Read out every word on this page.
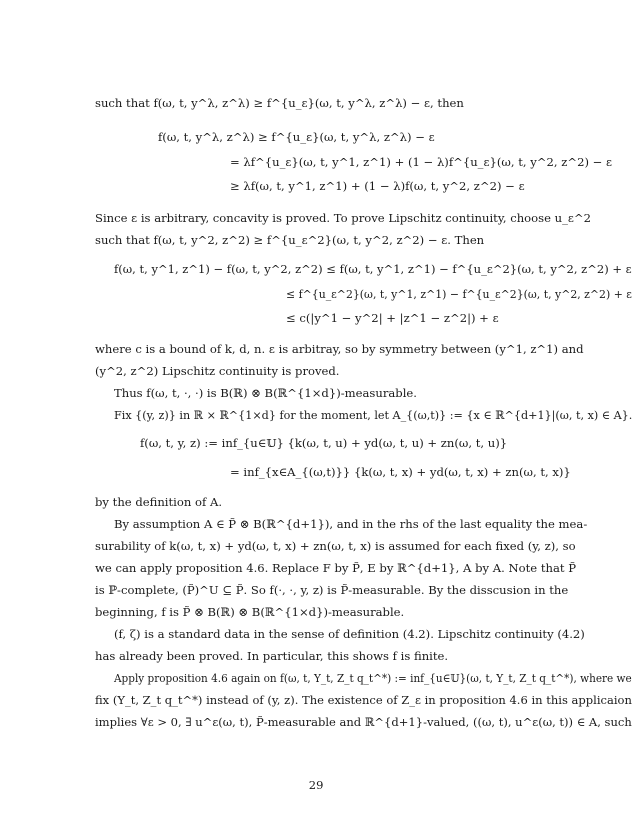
such that f(ω, t, y^λ, z^λ) ≥ f^{u_ε}(ω, t, y^λ, z^λ) − ε, then
f(ω, t, y^λ, z^λ) ≥ f^{u_ε}(ω, t, y^λ, z^λ) − ε
= λf^{u_ε}(ω, t, y^1, z^1) + (1 − λ)f^{u_ε}(ω, t, y^2, z^2) − ε
≥ λf(ω, t, y^1, z^1) + (1 − λ)f(ω, t, y^2, z^2) − ε
Since ε is arbitrary, concavity is proved. To prove Lipschitz continuity, choose u_ε^2
such that f(ω, t, y^2, z^2) ≥ f^{u_ε^2}(ω, t, y^2, z^2) − ε. Then
f(ω, t, y^1, z^1) − f(ω, t, y^2, z^2) ≤ f(ω, t, y^1, z^1) − f^{u_ε^2}(ω, t, y^2, z^2) + ε
≤ f^{u_ε^2}(ω, t, y^1, z^1) − f^{u_ε^2}(ω, t, y^2, z^2) + ε
≤ c(|y^1 − y^2| + |z^1 − z^2|) + ε
where c is a bound of k, d, n. ε is arbitray, so by symmetry between (y^1, z^1) and
(y^2, z^2) Lipschitz continuity is proved.
Thus f(ω, t, ·, ·) is B(ℝ) ⊗ B(ℝ^{1×d})-measurable.
Fix {(y, z)} in ℝ × ℝ^{1×d} for the moment, let A_{(ω,t)} := {x ∈ ℝ^{d+1}|(ω, t, x) ∈ A}.
f(ω, t, y, z) := inf_{u∈𝕌} {k(ω, t, u) + yd(ω, t, u) + zn(ω, t, u)}
= inf_{x∈A_{(ω,t)}} {k(ω, t, x) + yd(ω, t, x) + zn(ω, t, x)}
by the definition of A.
By assumption A ∈ P̃ ⊗ B(ℝ^{d+1}), and in the rhs of the last equality the mea-
surability of k(ω, t, x) + yd(ω, t, x) + zn(ω, t, x) is assumed for each fixed (y, z), so
we can apply proposition 4.6. Replace F by P̃, E by ℝ^{d+1}, A by A. Note that P̃
is ℙ-complete, (P̃)^U ⊆ P̃. So f(·, ·, y, z) is P̃-measurable. By the disscusion in the
beginning, f is P̃ ⊗ B(ℝ) ⊗ B(ℝ^{1×d})-measurable.
(f, ζ) is a standard data in the sense of definition (4.2). Lipschitz continuity (4.2)
has already been proved. In particular, this shows f is finite.
Apply proposition 4.6 again on f(ω, t, Y_t, Z_t q_t^*) := inf_{u∈𝕌}(ω, t, Y_t, Z_t q_t^*), where we
fix (Y_t, Z_t q_t^*) instead of (y, z). The existence of Z_ε in proposition 4.6 in this applicaion
implies ∀ε > 0, ∃ u^ε(ω, t), P̃-measurable and ℝ^{d+1}-valued, ((ω, t), u^ε(ω, t)) ∈ A, such
29
